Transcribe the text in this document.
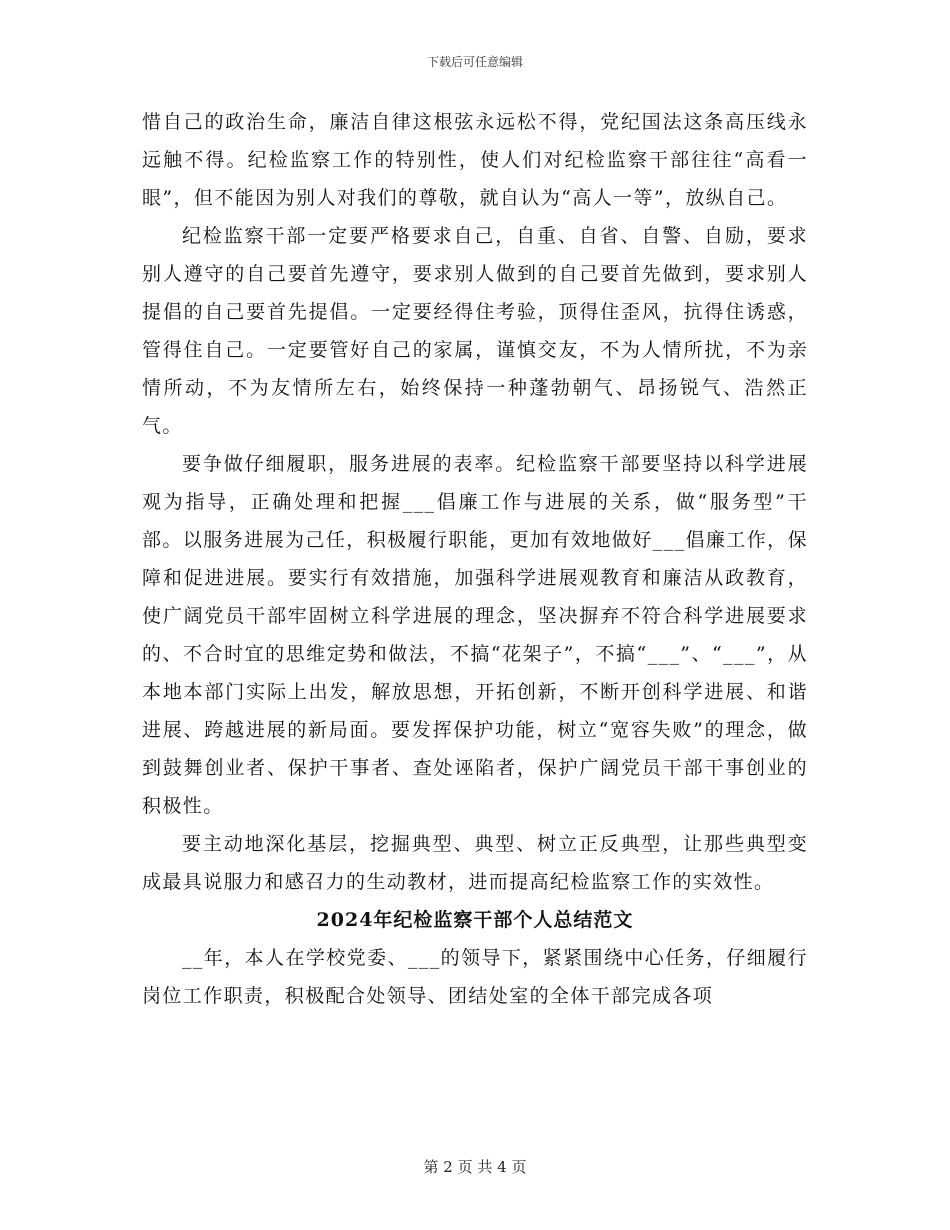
下载后可任意编辑

惜自己的政治生命，廉洁自律这根弦永远松不得，党纪国法这条高压线永远触不得。纪检监察工作的特别性，使人们对纪检监察干部往往“高看一眼”，但不能因为别人对我们的尊敬，就自认为“高人一等”，放纵自己。

纪检监察干部一定要严格要求自己，自重、自省、自警、自励，要求别人遵守的自己要首先遵守，要求别人做到的自己要首先做到，要求别人提倡的自己要首先提倡。一定要经得住考验，顶得住歪风，抗得住诱惑，管得住自己。一定要管好自己的家属，谨慎交友，不为人情所扰，不为亲情所动，不为友情所左右，始终保持一种蓬勃朝气、昂扬锐气、浩然正气。

要争做仔细履职，服务进展的表率。纪检监察干部要坚持以科学进展观为指导，正确处理和把握___倡廉工作与进展的关系，做“服务型”干部。以服务进展为己任，积极履行职能，更加有效地做好___倡廉工作，保障和促进进展。要实行有效措施，加强科学进展观教育和廉洁从政教育，使广阔党员干部牢固树立科学进展的理念，坚决摒弃不符合科学进展要求的、不合时宜的思维定势和做法，不搞“花架子”，不搞“___”、“___”，从本地本部门实际上出发，解放思想，开拓创新，不断开创科学进展、和谐进展、跨越进展的新局面。要发挥保护功能，树立“宽容失败”的理念，做到鼓舞创业者、保护干事者、查处诬陷者，保护广阔党员干部干事创业的积极性。

要主动地深化基层，挖掘典型、典型、树立正反典型，让那些典型变成最具说服力和感召力的生动教材，进而提高纪检监察工作的实效性。

2024年纪检监察干部个人总结范文

__年，本人在学校党委、___的领导下，紧紧围绕中心任务，仔细履行岗位工作职责，积极配合处领导、团结处室的全体干部完成各项

第 2 页 共 4 页
